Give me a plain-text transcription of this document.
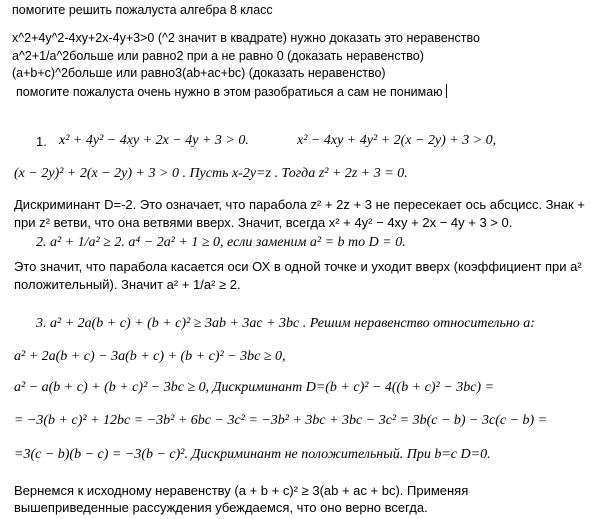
помогите решить пожалуста алгебра 8 класс
x^2+4y^2-4xy+2x-4y+3>0 (^2 значит в квадрате) нужно доказать это неравенство
a^2+1/a^2больше или равно2 при а не равно 0 (доказать неравенство)
(а+b+c)^2больше или равно3(ab+ac+bc) (доказать неравенство)
помогите пожалуста очень нужно в этом разобратиься а сам не понимаю
1. x² + 4y² − 4xy + 2x − 4y + 3 > 0.	x² − 4xy + 4y² + 2(x − 2y) + 3 > 0,
(x − 2y)² + 2(x − 2y) + 3 > 0 . Пусть x-2y=z . Тогда z² + 2z + 3 = 0.
Дискриминант D=-2. Это означает, что парабола z² + 2z + 3 не пересекает ось абсцисс. Знак +
при z² ветви, что она ветвями вверх. Значит, всегда x² + 4y² − 4xy + 2x − 4y + 3 > 0.
2. a² + 1/a² ≥ 2. a⁴ − 2a² + 1 ≥ 0, если заменим a² = b то D = 0.
Это значит, что парабола касается оси ОХ в одной точке и уходит вверх (коэффициент при a²
положительный). Значит a² + 1/a² ≥ 2.
3. a² + 2a(b + c) + (b + c)² ≥ 3ab + 3ac + 3bc . Решим неравенство относительно а:
a² + 2a(b + c) − 3a(b + c) + (b + c)² − 3bc ≥ 0,
a² − a(b + c) + (b + c)² − 3bc ≥ 0, Дискриминант D=(b + c)² − 4((b + c)² − 3bc) =
= −3(b + c)² + 12bc = −3b² + 6bc − 3c² = −3b² + 3bc + 3bc − 3c² = 3b(c − b) − 3c(c − b) =
=3(c − b)(b − c) = −3(b − c)². Дискриминант не положительный. При b=c D=0.
Вернемся к исходному неравенству (a + b + c)² ≥ 3(ab + ac + bc). Применяя
вышеприведенные рассуждения убеждаемся, что оно верно всегда.
